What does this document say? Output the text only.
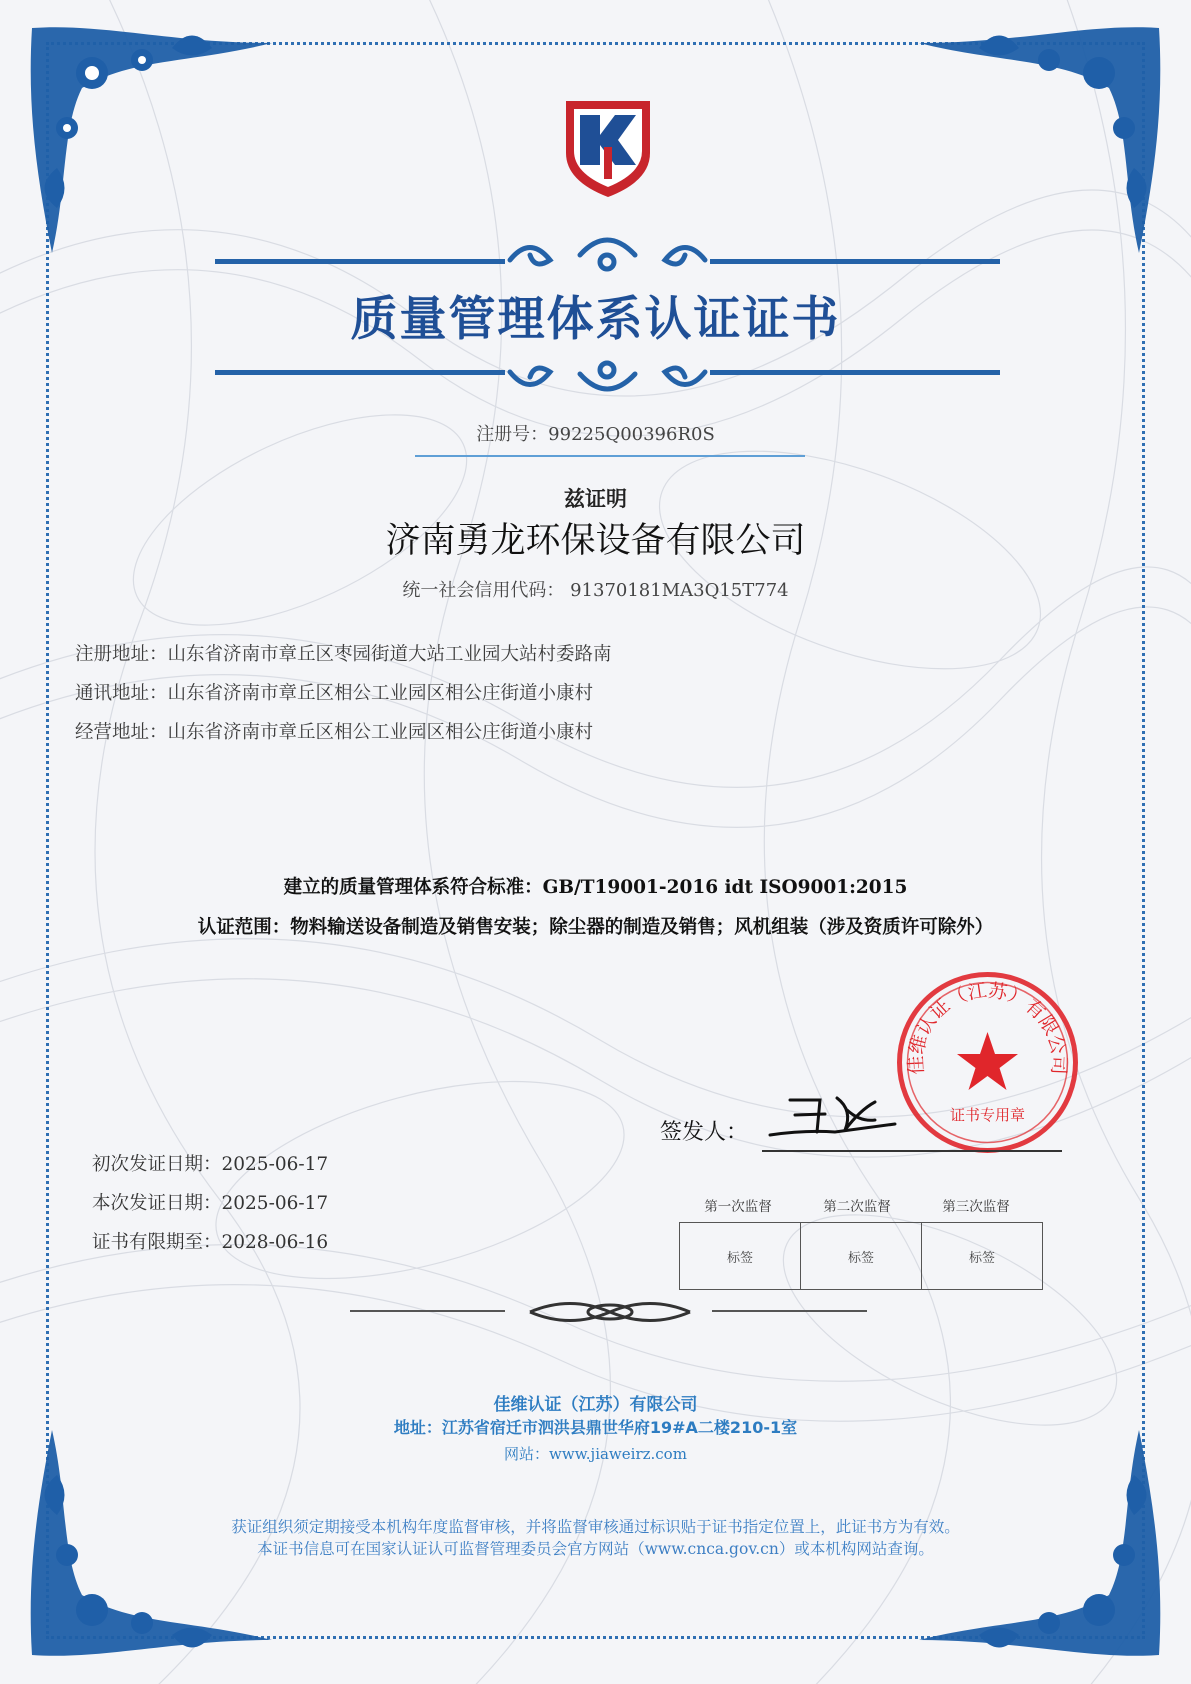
质量管理体系认证证书
注册号：99225Q00396R0S
兹证明
济南勇龙环保设备有限公司
统一社会信用代码： 91370181MA3Q15T774
注册地址：山东省济南市章丘区枣园街道大站工业园大站村委路南
通讯地址：山东省济南市章丘区相公工业园区相公庄街道小康村
经营地址：山东省济南市章丘区相公工业园区相公庄街道小康村
建立的质量管理体系符合标准：GB/T19001-2016 idt ISO9001:2015
认证范围：物料输送设备制造及销售安装；除尘器的制造及销售；风机组装（涉及资质许可除外）
佳维认证（江苏）有限公司
证书专用章
签发人：
初次发证日期：2025-06-17
本次发证日期：2025-06-17
证书有限期至：2028-06-16
第一次监督	第二次监督	第三次监督
标签	标签	标签
佳维认证（江苏）有限公司
地址：江苏省宿迁市泗洪县鼎世华府19#A二楼210-1室
网站：www.jiaweirz.com
获证组织须定期接受本机构年度监督审核，并将监督审核通过标识贴于证书指定位置上，此证书方为有效。
本证书信息可在国家认证认可监督管理委员会官方网站（www.cnca.gov.cn）或本机构网站查询。
